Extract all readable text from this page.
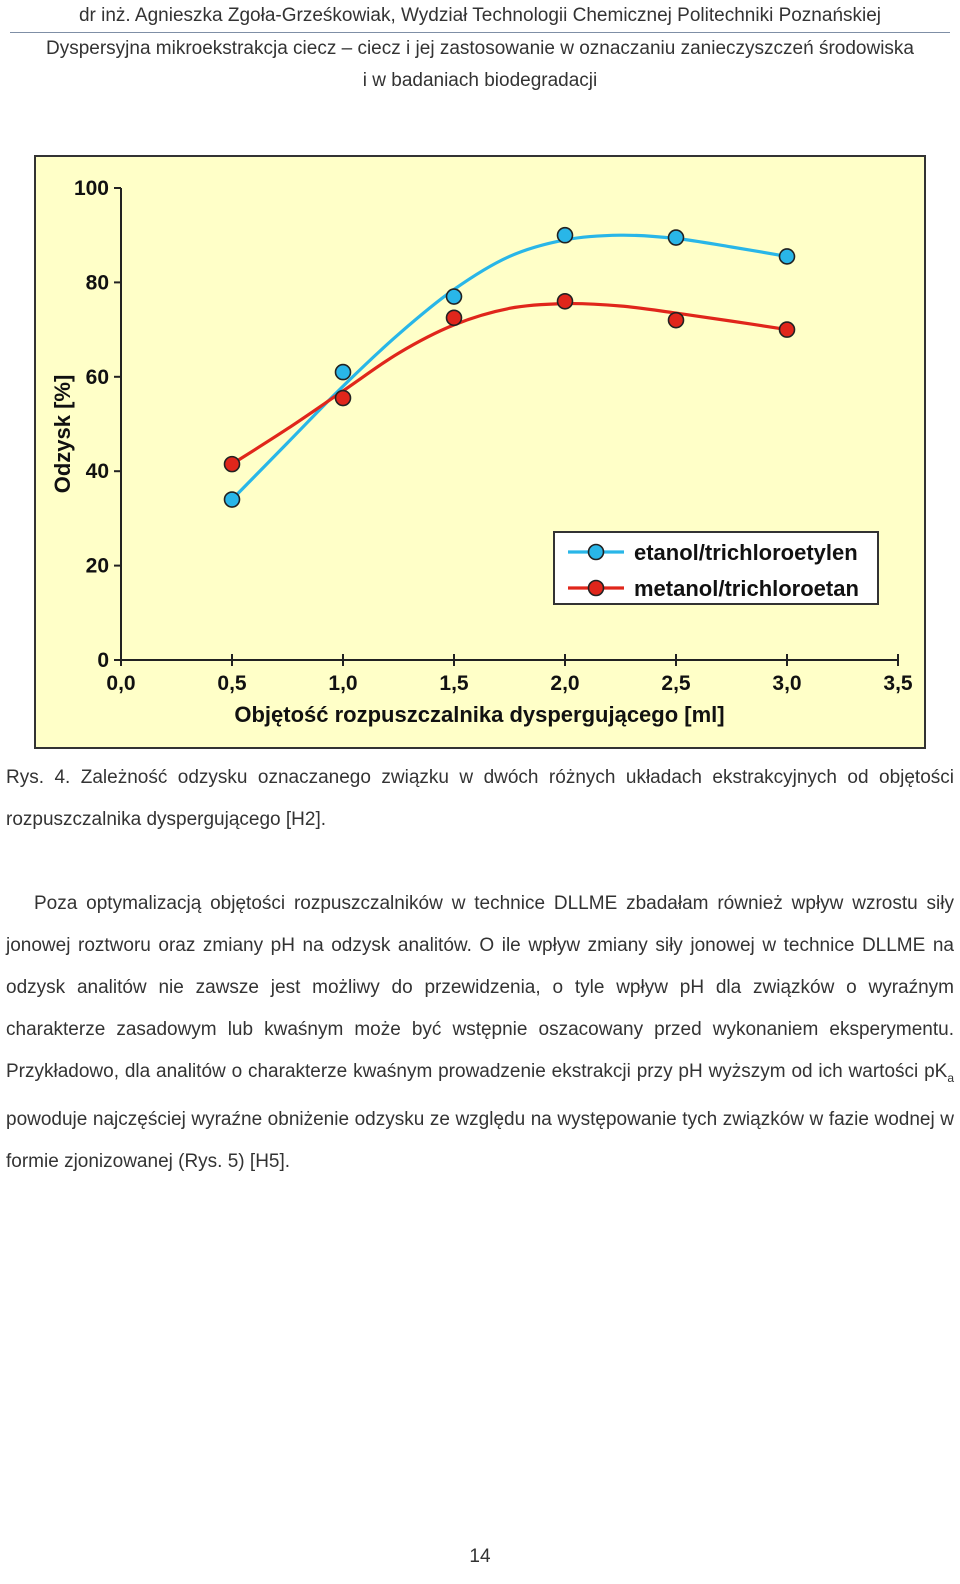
dr inż. Agnieszka Zgoła-Grześkowiak, Wydział Technologii Chemicznej Politechniki Poznańskiej
Dyspersyjna mikroekstrakcja ciecz – ciecz i jej zastosowanie w oznaczaniu zanieczyszczeń środowiska
i w badaniach biodegradacji
0,0	0,5	1,0	1,5	2,0	2,5	3,0	3,5
0
20
40
60
80
100
Objętość rozpuszczalnika dyspergującego [ml]
Odzysk [%]
etanol/trichloroetylen
metanol/trichloroetan
Rys. 4. Zależność odzysku oznaczanego związku w dwóch różnych układach ekstrakcyjnych od objętości rozpuszczalnika dyspergującego [H2].
Poza optymalizacją objętości rozpuszczalników w technice DLLME zbadałam również wpływ wzrostu siły jonowej roztworu oraz zmiany pH na odzysk analitów. O ile wpływ zmiany siły jonowej w technice DLLME na odzysk analitów nie zawsze jest możliwy do przewidzenia, o tyle wpływ pH dla związków o wyraźnym charakterze zasadowym lub kwaśnym może być wstępnie oszacowany przed wykonaniem eksperymentu. Przykładowo, dla analitów o charakterze kwaśnym prowadzenie ekstrakcji przy pH wyższym od ich wartości $pK_a$ powoduje najczęściej wyraźne obniżenie odzysku ze względu na występowanie tych związków w fazie wodnej w formie zjonizowanej (Rys. 5) [H5].
14
